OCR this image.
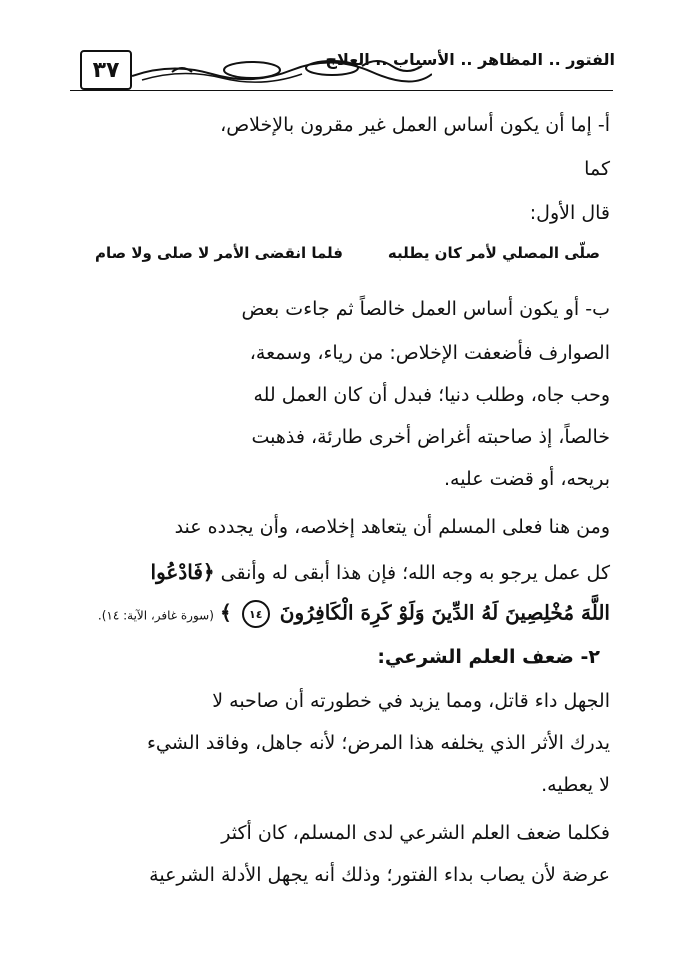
٣٧	الفتور .. المظاهر .. الأسباب .. العلاج
أ- إما أن يكون أساس العمل غير مقرون بالإخلاص،
كما
قال الأول:
صلّى المصلي لأمر كان يطلبه
فلما انقضى الأمر لا صلى ولا صام
ب- أو يكون أساس العمل خالصاً ثم جاءت بعض
الصوارف فأضعفت الإخلاص: من رياء، وسمعة،
وحب جاه، وطلب دنيا؛ فبدل أن كان العمل لله
خالصاً، إذ صاحبته أغراض أخرى طارئة، فذهبت
بريحه، أو قضت عليه.
ومن هنا فعلى المسلم أن يتعاهد إخلاصه، وأن يجدده عند
كل عمل يرجو به وجه الله؛ فإن هذا أبقى له وأنقى ﴿فَادْعُوا
اللَّهَ مُخْلِصِينَ لَهُ الدِّينَ وَلَوْ كَرِهَ الْكَافِرُونَ ١٤ ﴾ (سورة غافر، الآية: ١٤).
٢- ضعف العلم الشرعي:
الجهل داء قاتل، ومما يزيد في خطورته أن صاحبه لا
يدرك الأثر الذي يخلفه هذا المرض؛ لأنه جاهل، وفاقد الشيء
لا يعطيه.
فكلما ضعف العلم الشرعي لدى المسلم، كان أكثر
عرضة لأن يصاب بداء الفتور؛ وذلك أنه يجهل الأدلة الشرعية
